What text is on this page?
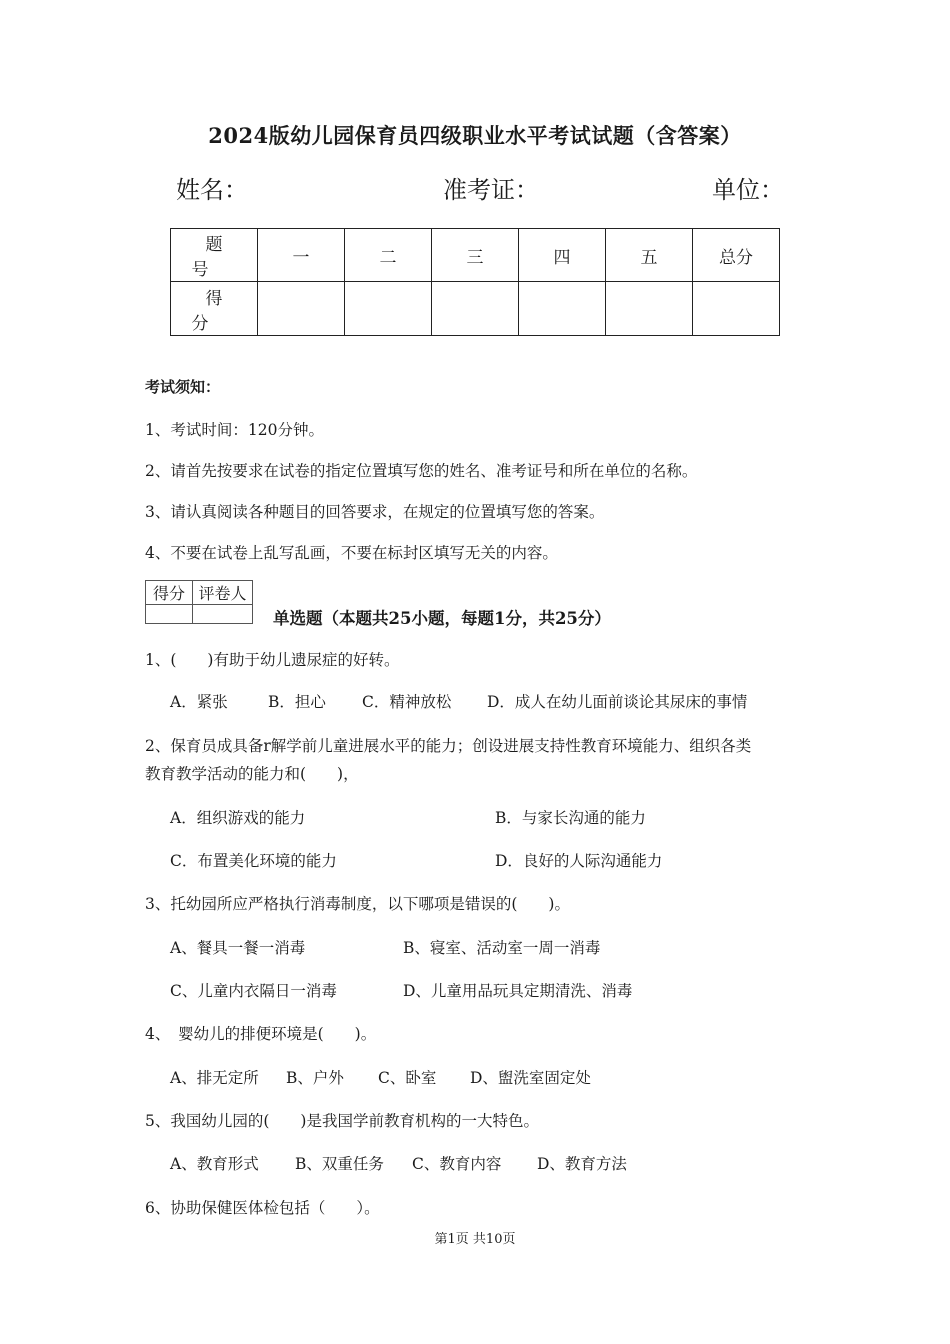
2024版幼儿园保育员四级职业水平考试试题（含答案）
姓名：	准考证：	单位：
题号	一	二	三	四	五	总分
得分						
考试须知：
1、考试时间：120分钟。
2、请首先按要求在试卷的指定位置填写您的姓名、准考证号和所在单位的名称。
3、请认真阅读各种题目的回答要求，在规定的位置填写您的答案。
4、不要在试卷上乱写乱画，不要在标封区填写无关的内容。
得分	评卷人

单选题（本题共25小题，每题1分，共25分）
1、(　　)有助于幼儿遗尿症的好转。
A．紧张	B．担心 C．精神放松 D．成人在幼儿面前谈论其尿床的事情
2、保育员成具备r解学前儿童进展水平的能力；创设进展支持性教育环境能力、组织各类
教育教学活动的能力和(　　)，
A．组织游戏的能力	B．与家长沟通的能力
C．布置美化环境的能力	D．良好的人际沟通能力
3、托幼园所应严格执行消毒制度，以下哪项是错误的(　　)。
A、餐具一餐一消毒	B、寝室、活动室一周一消毒
C、儿童内衣隔日一消毒	D、儿童用品玩具定期清洗、消毒
4、　婴幼儿的排便环境是(　　)。
A、排无定所 B、户外 C、卧室 D、盥洗室固定处
5、我国幼儿园的(　　)是我国学前教育机构的一大特色。
A、教育形式 B、双重任务 C、教育内容 D、教育方法
6、协助保健医体检包括（　　）。
第1页 共10页
